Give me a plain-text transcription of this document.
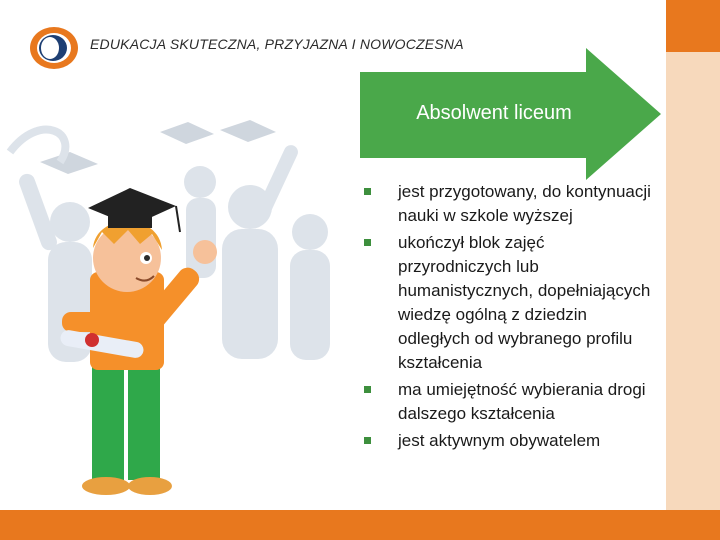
EDUKACJA SKUTECZNA, PRZYJAZNA I NOWOCZESNA
Absolwent liceum
jest przygotowany, do kontynuacji nauki w szkole wyższej
ukończył blok zajęć przyrodniczych lub humanistycznych, dopełniających wiedzę ogólną z dziedzin odległych od wybranego profilu kształcenia
ma umiejętność wybierania drogi dalszego kształcenia
jest aktywnym obywatelem
